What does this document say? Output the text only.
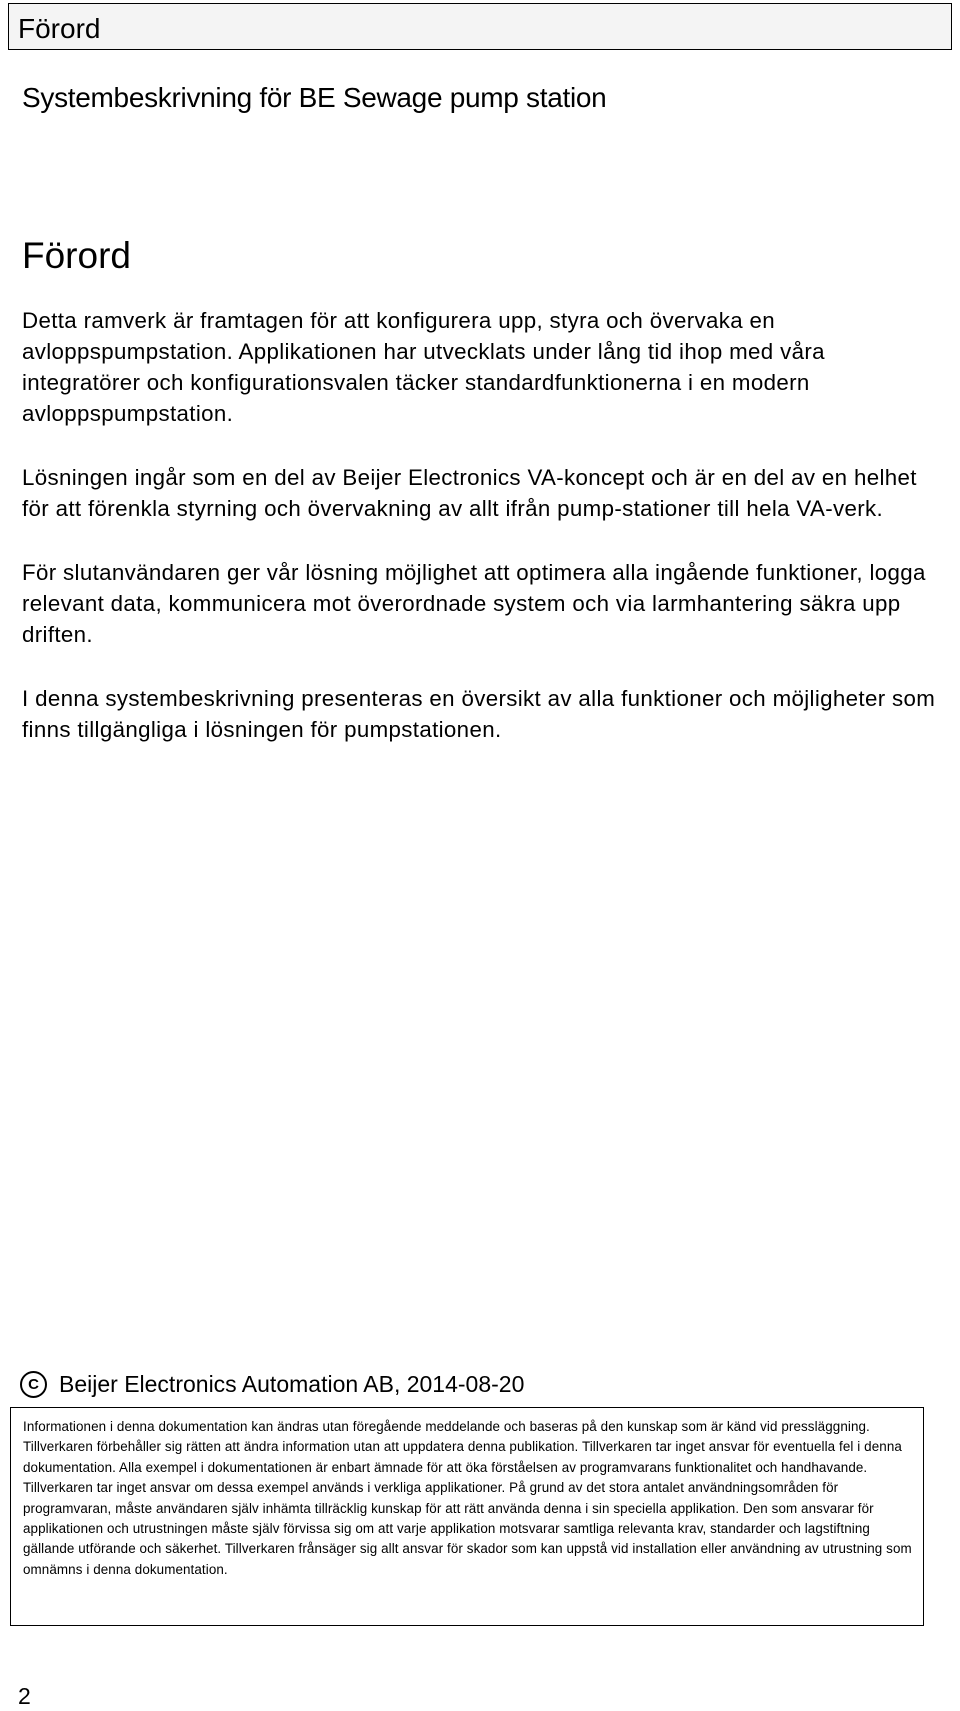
Förord
Systembeskrivning för BE Sewage pump station
Förord

Detta ramverk är framtagen för att konfigurera upp, styra och övervaka en avloppspumpstation. Applikationen har utvecklats under lång tid ihop med våra integratörer och konfigurationsvalen täcker standardfunktionerna i en modern avloppspumpstation.

Lösningen ingår som en del av Beijer Electronics VA-koncept och är en del av en helhet för att förenkla styrning och övervakning av allt ifrån pump-stationer till hela VA-verk.

För slutanvändaren ger vår lösning möjlighet att optimera alla ingående funktioner, logga relevant data, kommunicera mot överordnade system och via larmhantering säkra upp driften.

I denna systembeskrivning presenteras en översikt av alla funktioner och möjligheter som finns tillgängliga i lösningen för pumpstationen.

C Beijer Electronics Automation AB, 2014-08-20
Informationen i denna dokumentation kan ändras utan föregående meddelande och baseras på den kunskap som är känd vid pressläggning. Tillverkaren förbehåller sig rätten att ändra information utan att uppdatera denna publikation. Tillverkaren tar inget ansvar för eventuella fel i denna dokumentation. Alla exempel i dokumentationen är enbart ämnade för att öka förståelsen av programvarans funktionalitet och handhavande. Tillverkaren tar inget ansvar om dessa exempel används i verkliga applikationer. På grund av det stora antalet användningsområden för programvaran, måste användaren själv inhämta tillräcklig kunskap för att rätt använda denna i sin speciella applikation. Den som ansvarar för applikationen och utrustningen måste själv förvissa sig om att varje applikation motsvarar samtliga relevanta krav, standarder och lagstiftning gällande utförande och säkerhet. Tillverkaren frånsäger sig allt ansvar för skador som kan uppstå vid installation eller användning av utrustning som omnämns i denna dokumentation.
2
